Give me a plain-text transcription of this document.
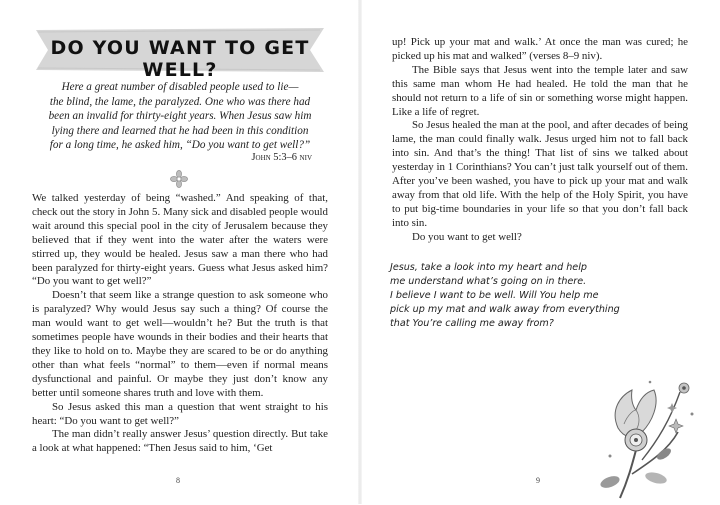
DO YOU WANT TO GET WELL?
Here a great number of disabled people used to lie—
the blind, the lame, the paralyzed. One who was there had
been an invalid for thirty-eight years. When Jesus saw him
lying there and learned that he had been in this condition
for a long time, he asked him, “Do you want to get well?”
John 5:3–6 niv

We talked yesterday of being “washed.” And speaking of that, check out the story in John 5. Many sick and disabled people would wait around this special pool in the city of Jerusalem because they believed that if they went into the water after the waters were stirred up, they would be healed. Jesus saw a man there who had been paralyzed for thirty-eight years. Guess what Jesus asked him? “Do you want to get well?”

Doesn’t that seem like a strange question to ask someone who is paralyzed? Why would Jesus say such a thing? Of course the man would want to get well—wouldn’t he? But the truth is that sometimes people have wounds in their bodies and their hearts that they like to hold on to. Maybe they are scared to be or do anything other than what feels “normal” to them—even if normal means dysfunctional and painful. Or maybe they just don’t know any better until someone shares truth and love with them.

So Jesus asked this man a question that went straight to his heart: “Do you want to get well?”

The man didn’t really answer Jesus’ question directly. But take a look at what happened: “Then Jesus said to him, ‘Get

8

up! Pick up your mat and walk.’ At once the man was cured; he picked up his mat and walked” (verses 8–9 niv).

The Bible says that Jesus went into the temple later and saw this same man whom He had healed. He told the man that he should not return to a life of sin or something worse might happen. Like a life of regret.

So Jesus healed the man at the pool, and after decades of being lame, the man could finally walk. Jesus urged him not to fall back into sin. And that’s the thing! That list of sins we talked about yesterday in 1 Corinthians? You can’t just talk yourself out of them. After you’ve been washed, you have to pick up your mat and walk away from that old life. With the help of the Holy Spirit, you have to put big-time boundaries in your life so that you don’t fall back into sin.

Do you want to get well?

Jesus, take a look into my heart and help
me understand what’s going on in there.
I believe I want to be well. Will You help me
pick up my mat and walk away from everything
that You’re calling me away from?
9
